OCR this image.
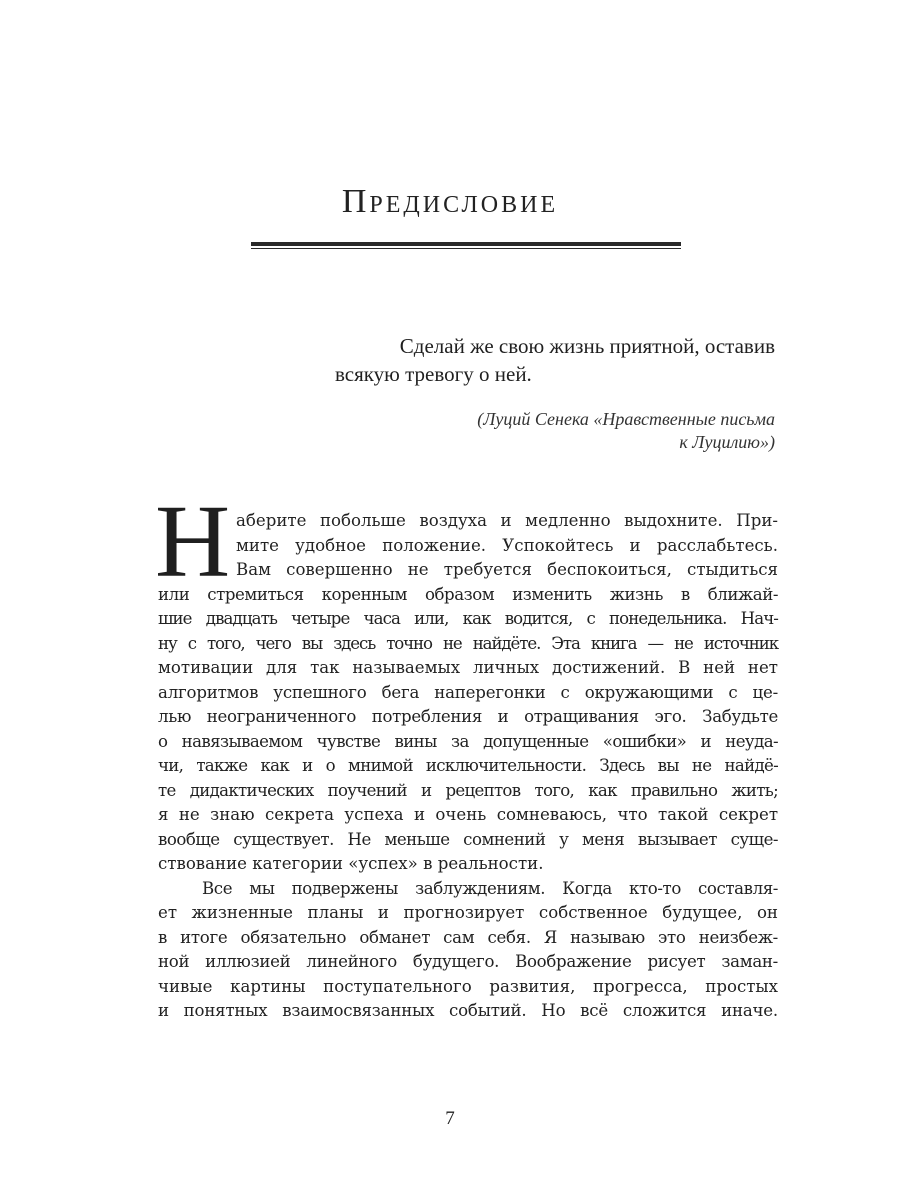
Предисловие
Сделай же свою жизнь приятной, оставив
всякую тревогу о ней.
(Луций Сенека «Нравственные письма
к Луцилию»)
Н аберите побольше воздуха и медленно выдохните. При-
мите удобное положение. Успокойтесь и расслабьтесь.
Вам совершенно не требуется беспокоиться, стыдиться
или стремиться коренным образом изменить жизнь в ближай-
шие двадцать четыре часа или, как водится, с понедельника. Нач-
ну с того, чего вы здесь точно не найдёте. Эта книга — не источник
мотивации для так называемых личных достижений. В ней нет
алгоритмов успешного бега наперегонки с окружающими с це-
лью неограниченного потребления и отращивания эго. Забудьте
о навязываемом чувстве вины за допущенные «ошибки» и неуда-
чи, также как и о мнимой исключительности. Здесь вы не найдё-
те дидактических поучений и рецептов того, как правильно жить;
я не знаю секрета успеха и очень сомневаюсь, что такой секрет
вообще существует. Не меньше сомнений у меня вызывает суще-
ствование категории «успех» в реальности.
Все мы подвержены заблуждениям. Когда кто-то составля-
ет жизненные планы и прогнозирует собственное будущее, он
в итоге обязательно обманет сам себя. Я называю это неизбеж-
ной иллюзией линейного будущего. Воображение рисует заман-
чивые картины поступательного развития, прогресса, простых
и понятных взаимосвязанных событий. Но всё сложится иначе.
7
